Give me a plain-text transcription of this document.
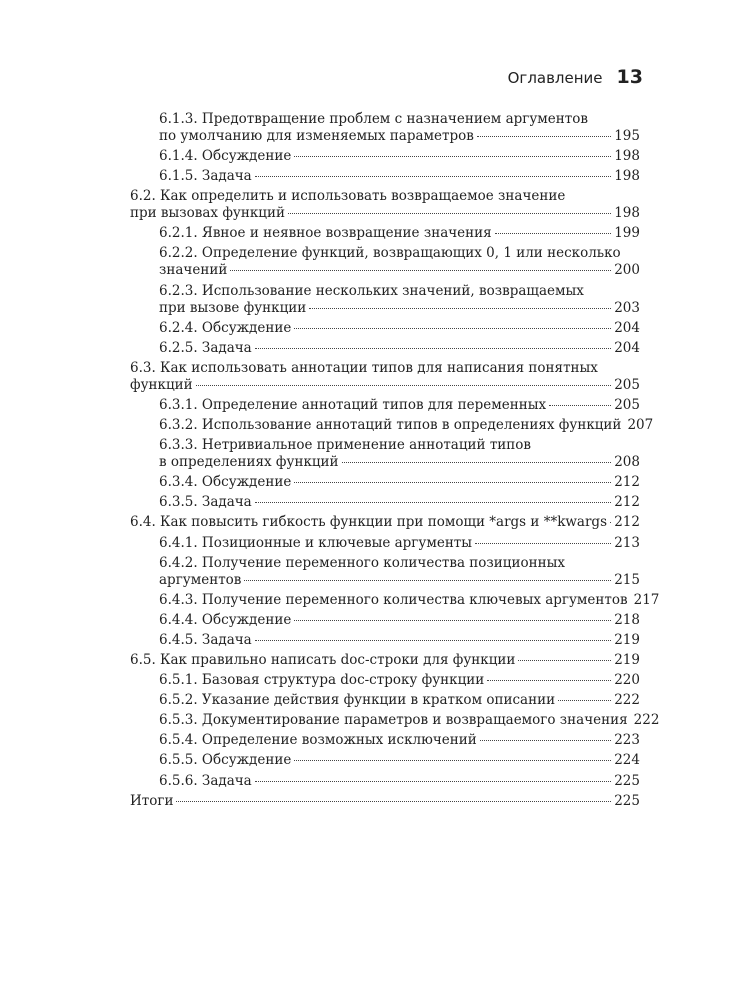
Оглавление 13
6.1.3. Предотвращение проблем с назначением аргументов
по умолчанию для изменяемых параметров	195
6.1.4. Обсуждение	198
6.1.5. Задача	198
6.2. Как определить и использовать возвращаемое значение
при вызовах функций	198
6.2.1. Явное и неявное возвращение значения	199
6.2.2. Определение функций, возвращающих 0, 1 или несколько
значений	200
6.2.3. Использование нескольких значений, возвращаемых
при вызове функции	203
6.2.4. Обсуждение	204
6.2.5. Задача	204
6.3. Как использовать аннотации типов для написания понятных
функций	205
6.3.1. Определение аннотаций типов для переменных	205
6.3.2. Использование аннотаций типов в определениях функций 207
6.3.3. Нетривиальное применение аннотаций типов
в определениях функций	208
6.3.4. Обсуждение	212
6.3.5. Задача	212
6.4. Как повысить гибкость функции при помощи *args и **kwargs 212
6.4.1. Позиционные и ключевые аргументы	213
6.4.2. Получение переменного количества позиционных
аргументов	215
6.4.3. Получение переменного количества ключевых аргументов 217
6.4.4. Обсуждение	218
6.4.5. Задача	219
6.5. Как правильно написать doc-строки для функции	219
6.5.1. Базовая структура doc-строку функции	220
6.5.2. Указание действия функции в кратком описании	222
6.5.3. Документирование параметров и возвращаемого значения 222
6.5.4. Определение возможных исключений	223
6.5.5. Обсуждение	224
6.5.6. Задача	225
Итоги	225
